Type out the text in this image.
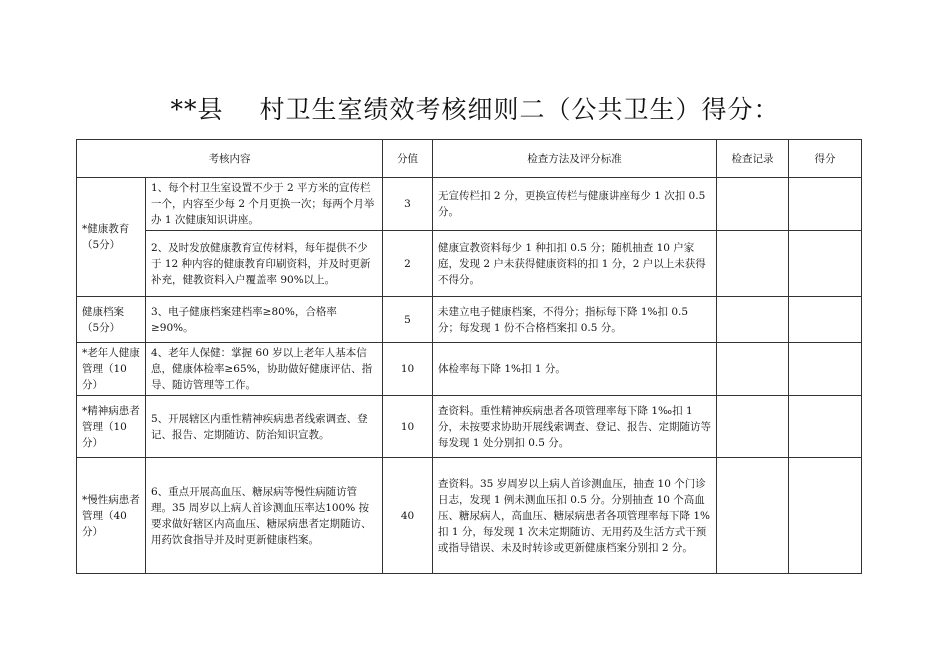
**县 村卫生室绩效考核细则二（公共卫生）得分：
考核内容		分值	检查方法及评分标准	检查记录	得分
*健康教育（5分）	1、每个村卫生室设置不少于 2 平方米的宣传栏一个，内容至少每 2 个月更换一次；每两个月举办 1 次健康知识讲座。	3	无宣传栏扣 2 分，更换宣传栏与健康讲座每少 1 次扣 0.5 分。		
	2、及时发放健康教育宣传材料，每年提供不少于 12 种内容的健康教育印刷资料，并及时更新补充，健教资料入户覆盖率 90%以上。	2	健康宣教资料每少 1 种扣扣 0.5 分；随机抽查 10 户家庭，发现 2 户未获得健康资料的扣 1 分，2 户以上未获得不得分。		
健康档案（5分）	3、电子健康档案建档率≥80%，合格率≥90%。	5	未建立电子健康档案，不得分；指标每下降 1%扣 0.5 分；每发现 1 份不合格档案扣 0.5 分。		
*老年人健康管理（10分）	4、老年人保健：掌握 60 岁以上老年人基本信息，健康体检率≥65%，协助做好健康评估、指导、随访管理等工作。	10	体检率每下降 1%扣 1 分。		
*精神病患者管理（10分）	5、开展辖区内重性精神疾病患者线索调查、登记、报告、定期随访、防治知识宣教。	10	查资料。重性精神疾病患者各项管理率每下降 1‰扣 1 分，未按要求协助开展线索调查、登记、报告、定期随访等每发现 1 处分别扣 0.5 分。		
*慢性病患者管理（40分）	6、重点开展高血压、糖尿病等慢性病随访管理。35 周岁以上病人首诊测血压率达100% 按要求做好辖区内高血压、糖尿病患者定期随访、用药饮食指导并及时更新健康档案。	40	查资料。35 岁周岁以上病人首诊测血压，抽查 10 个门诊日志，发现 1 例未测血压扣 0.5 分。分别抽查 10 个高血压、糖尿病人，高血压、糖尿病患者各项管理率每下降 1%扣 1 分，每发现 1 次未定期随访、无用药及生活方式干预或指导错误、未及时转诊或更新健康档案分别扣 2 分。		
